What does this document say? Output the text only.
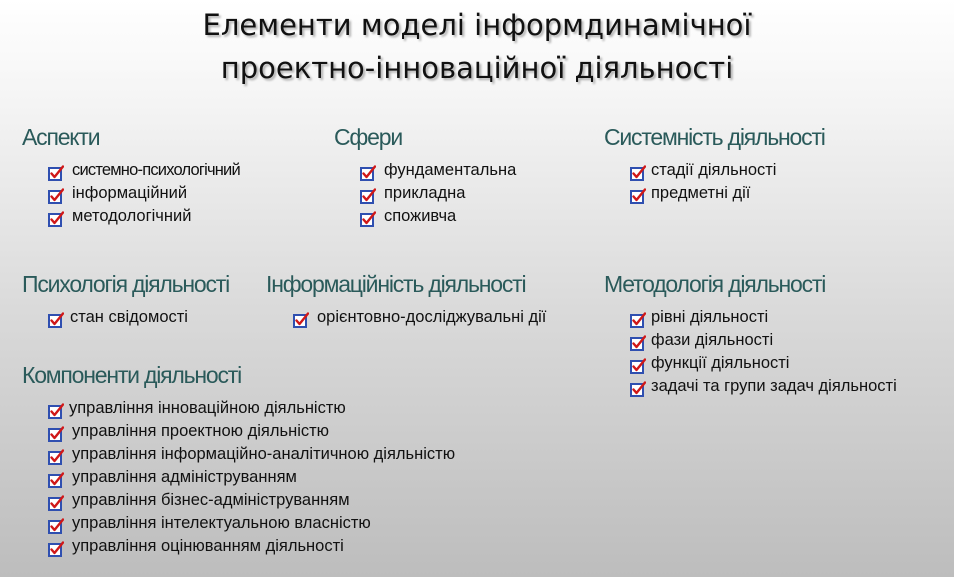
Елементи моделі інформдинамічної
проектно-інноваційної діяльності
Аспекти
системно-психологічний
інформаційний
методологічний
Сфери
фундаментальна
прикладна
споживча
Системність діяльності
стадії діяльності
предметні дії
Психологія діяльності
стан свідомості
Інформаційність діяльності
орієнтовно-досліджувальні дії
Методологія діяльності
рівні діяльності
фази діяльності
функції діяльності
задачі та групи задач діяльності
Компоненти діяльності
управління інноваційною діяльністю
управління проектною діяльністю
управління інформаційно-аналітичною діяльністю
управління адмініструванням
управління бізнес-адмініструванням
управління інтелектуальною власністю
управління оцінюванням діяльності
